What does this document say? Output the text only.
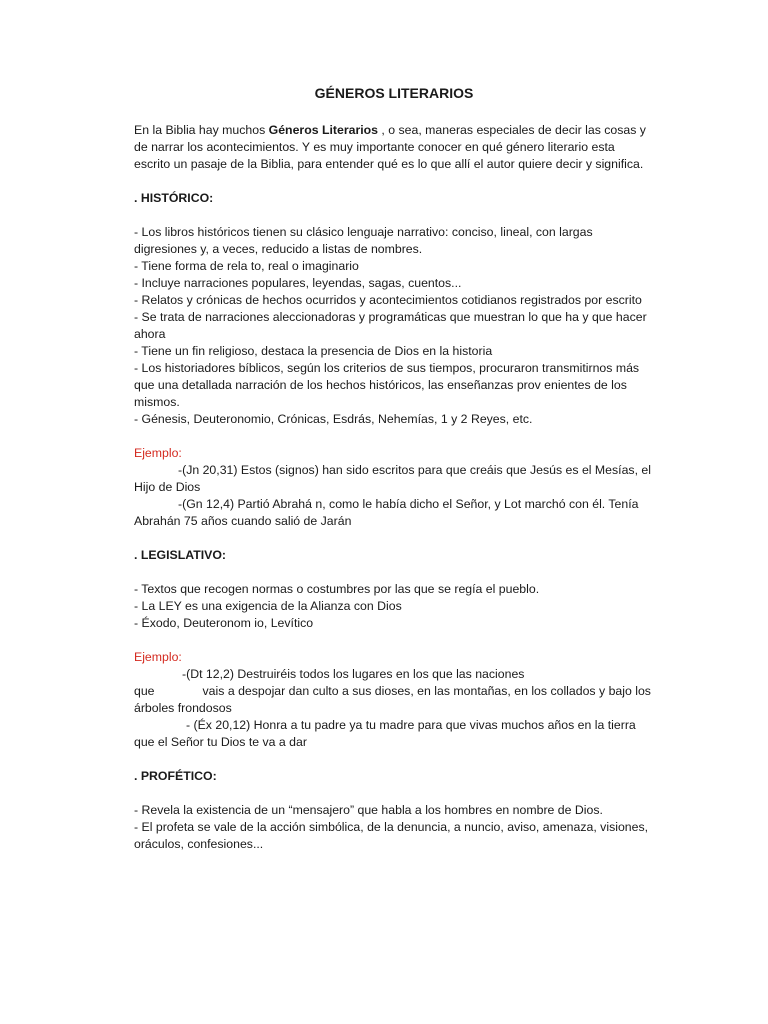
GÉNEROS LITERARIOS

En la Biblia hay muchos Géneros Literarios , o sea, maneras especiales de decir las cosas y de narrar los acontecimientos. Y es muy importante conocer en qué género literario esta escrito un pasaje de la Biblia, para entender qué es lo que allí el autor quiere decir y significa.

. HISTÓRICO:

- Los libros históricos tienen su clásico lenguaje narrativo: conciso, lineal, con largas digresiones y, a veces, reducido a listas de nombres.

- Tiene forma de rela to, real o imaginario

- Incluye narraciones populares, leyendas, sagas, cuentos...

- Relatos y crónicas de hechos ocurridos y acontecimientos cotidianos registrados por escrito

- Se trata de narraciones aleccionadoras y programáticas que muestran lo que ha y que hacer ahora

- Tiene un fin religioso, destaca la presencia de Dios en la historia

- Los historiadores bíblicos, según los criterios de sus tiempos, procuraron transmitirnos más que una detallada narración de los hechos históricos, las enseñanzas prov enientes de los mismos.

- Génesis, Deuteronomio, Crónicas, Esdrás, Nehemías, 1 y 2 Reyes, etc.

Ejemplo:

-(Jn 20,31) Estos (signos) han sido escritos para que creáis que Jesús es el Mesías, el Hijo de Dios

-(Gn 12,4) Partió Abrahá n, como le había dicho el Señor, y Lot marchó con él. Tenía Abrahán 75 años cuando salió de Jarán

. LEGISLATIVO:

- Textos que recogen normas o costumbres por las que se regía el pueblo.

- La LEY es una exigencia de la Alianza con Dios

- Éxodo, Deuteronom io, Levítico

Ejemplo:

-(Dt 12,2) Destruiréis todos los lugares en los que las naciones

que	vais a despojar dan culto a sus dioses, en las montañas, en los collados y bajo los árboles frondosos

- (Éx 20,12) Honra a tu padre ya tu madre para que vivas muchos años en la tierra que el Señor tu Dios te va a dar

. PROFÉTICO:

- Revela la existencia de un “mensajero” que habla a los hombres en nombre de Dios.

- El profeta se vale de la acción simbólica, de la denuncia, a nuncio, aviso, amenaza, visiones, oráculos, confesiones...
